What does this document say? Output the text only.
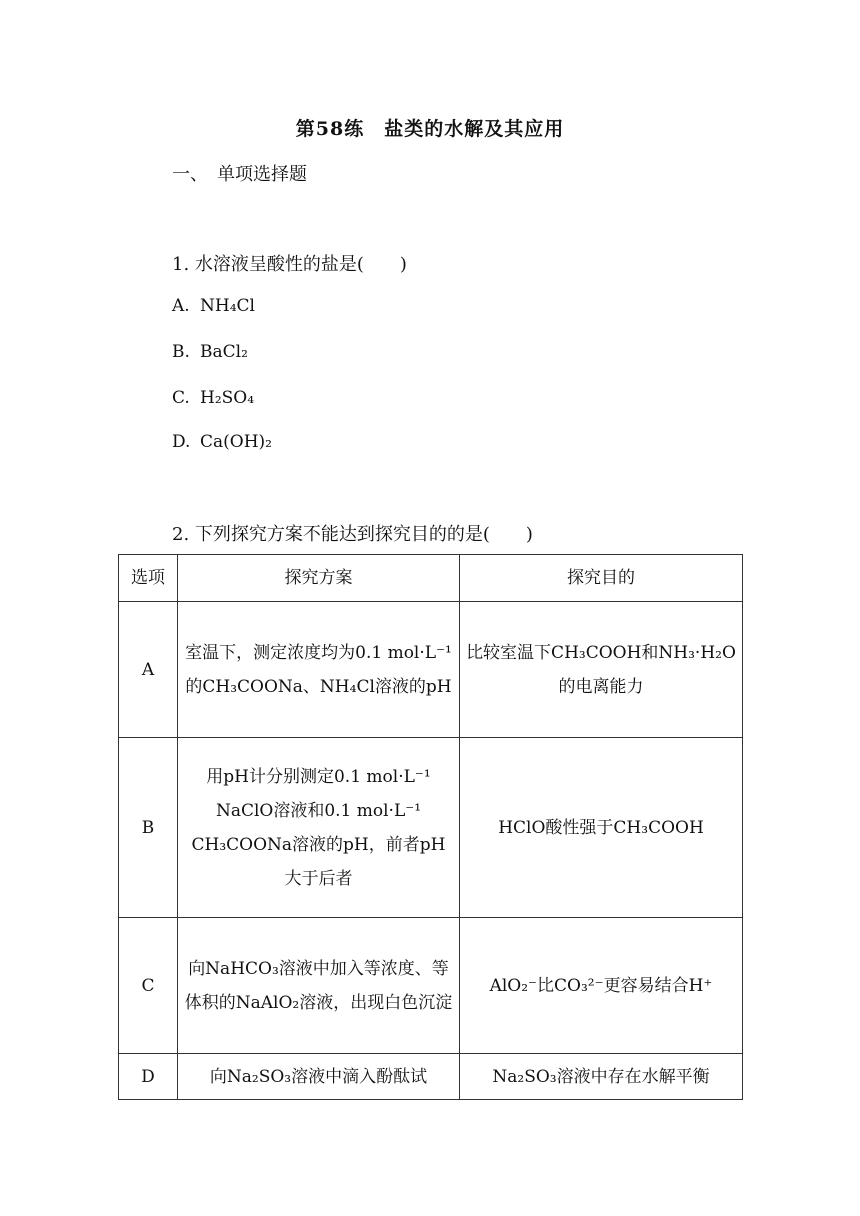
第58练　盐类的水解及其应用
一、　单项选择题
1. 水溶液呈酸性的盐是(　　)
A. NH₄Cl
B. BaCl₂
C. H₂SO₄
D. Ca(OH)₂
2. 下列探究方案不能达到探究目的的是(　　)
选项	探究方案	探究目的
A	室温下，测定浓度均为0.1 mol·L⁻¹的CH₃COONa、NH₄Cl溶液的pH	比较室温下CH₃COOH和NH₃·H₂O的电离能力
B	用pH计分别测定0.1 mol·L⁻¹ NaClO溶液和0.1 mol·L⁻¹ CH₃COONa溶液的pH，前者pH大于后者	HClO酸性强于CH₃COOH
C	向NaHCO₃溶液中加入等浓度、等体积的NaAlO₂溶液，出现白色沉淀	AlO₂⁻比CO₃²⁻更容易结合H⁺
D	向Na₂SO₃溶液中滴入酚酞试	Na₂SO₃溶液中存在水解平衡
